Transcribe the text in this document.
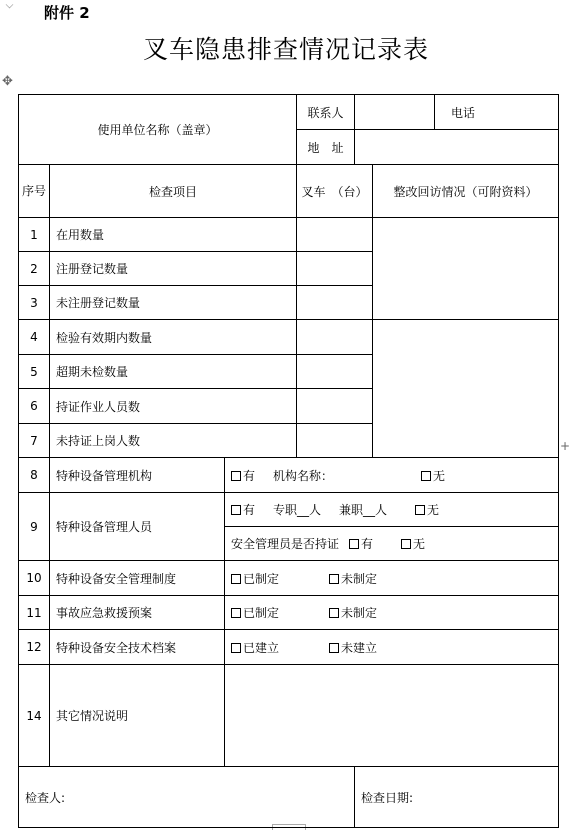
附件 2
叉车隐患排查情况记录表
✥
+
使用单位名称（盖章）			联系人			电话
			地　址			
序号	检查项目		叉车　（台）		整改回访情况（可附资料）	
1	在用数量					
2	注册登记数量					
3	未注册登记数量					
4	检验有效期内数量					
5	超期未检数量					
6	持证作业人员数					
7	未持证上岗人数					
8	特种设备管理机构	有 机构名称： 无				
9	特种设备管理人员	有 专职__人 兼职__人 无				
		安全管理员是否持证 有 无				
10	特种设备安全管理制度	已制定 未制定				
11	事故应急救援预案	已制定 未制定				
12	特种设备安全技术档案	已建立 未建立				
14	其它情况说明					
检查人:				检查日期:		
